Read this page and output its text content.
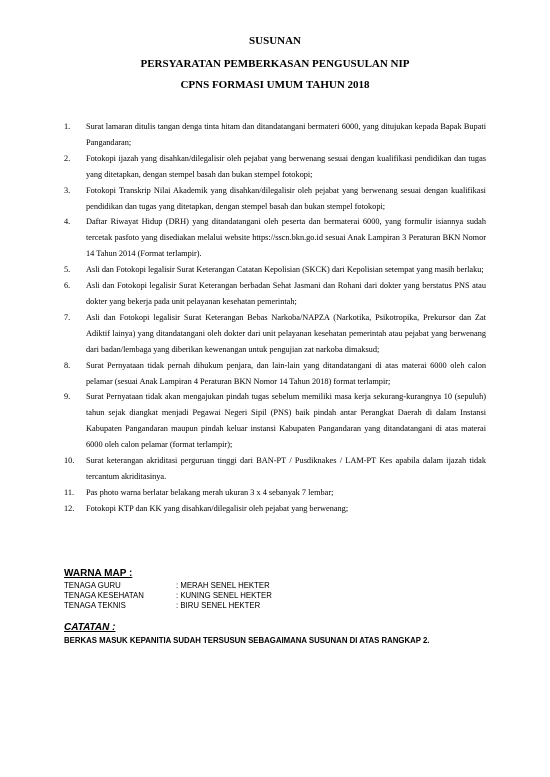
SUSUNAN
PERSYARATAN PEMBERKASAN PENGUSULAN NIP
CPNS FORMASI UMUM TAHUN 2018
1. Surat lamaran ditulis tangan denga tinta hitam dan ditandatangani bermateri 6000, yang ditujukan kepada Bapak Bupati Pangandaran;
2. Fotokopi ijazah yang disahkan/dilegalisir oleh pejabat yang berwenang sesuai dengan kualifikasi pendidikan dan tugas yang ditetapkan, dengan stempel basah dan bukan stempel fotokopi;
3. Fotokopi Transkrip Nilai Akademik yang disahkan/dilegalisir oleh pejabat yang berwenang sesuai dengan kualifikasi pendidikan dan tugas yang ditetapkan, dengan stempel basah dan bukan stempel fotokopi;
4. Daftar Riwayat Hidup (DRH) yang ditandatangani oleh peserta dan bermaterai 6000, yang formulir isiannya sudah tercetak pasfoto yang disediakan melalui website https://sscn.bkn.go.id sesuai Anak Lampiran 3 Peraturan BKN Nomor 14 Tahun 2014 (Format terlampir).
5. Asli dan Fotokopi legalisir Surat Keterangan Catatan Kepolisian (SKCK) dari Kepolisian setempat yang masih berlaku;
6. Asli dan Fotokopi legalisir Surat Keterangan berbadan Sehat Jasmani dan Rohani dari dokter yang berstatus PNS atau dokter yang bekerja pada unit pelayanan kesehatan pemerintah;
7. Asli dan Fotokopi legalisir Surat Keterangan Bebas Narkoba/NAPZA (Narkotika, Psikotropika, Prekursor dan Zat Adiktif lainya) yang ditandatangani oleh dokter dari unit pelayanan kesehatan pemerintah atau pejabat yang berwenang dari badan/lembaga yang diberikan kewenangan untuk pengujian zat narkoba dimaksud;
8. Surat Pernyataan tidak pernah dihukum penjara, dan lain-lain yang ditandatangani di atas materai 6000 oleh calon pelamar (sesuai Anak Lampiran 4 Peraturan BKN Nomor 14 Tahun 2018) format terlampir;
9. Surat Pernyataan tidak akan mengajukan pindah tugas sebelum memiliki masa kerja sekurang-kurangnya 10 (sepuluh) tahun sejak diangkat menjadi Pegawai Negeri Sipil (PNS) baik pindah antar Perangkat Daerah di dalam Instansi Kabupaten Pangandaran maupun pindah keluar instansi Kabupaten Pangandaran yang ditandatangani di atas materai 6000 oleh calon pelamar (format terlampir);
10. Surat keterangan akriditasi perguruan tinggi dari BAN-PT / Pusdiknakes / LAM-PT Kes apabila dalam ijazah tidak tercantum akriditasinya.
11. Pas photo warna berlatar belakang merah ukuran 3 x 4 sebanyak 7 lembar;
12. Fotokopi KTP dan KK yang disahkan/dilegalisir oleh pejabat yang berwenang;
WARNA MAP :
TENAGA GURU	: MERAH SENEL HEKTER
TENAGA KESEHATAN	: KUNING SENEL HEKTER
TENAGA TEKNIS	: BIRU SENEL HEKTER
CATATAN :
BERKAS MASUK KEPANITIA SUDAH TERSUSUN SEBAGAIMANA SUSUNAN DI ATAS RANGKAP 2.
